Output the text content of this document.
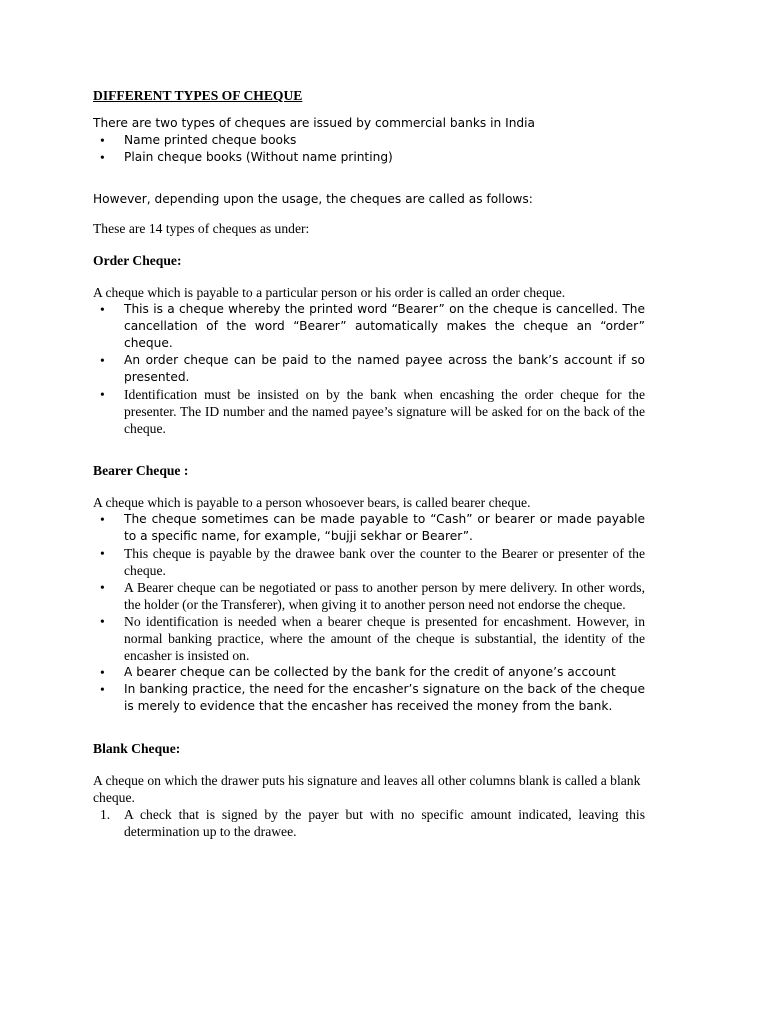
DIFFERENT TYPES OF CHEQUE

There are two types of cheques are issued by commercial banks in India

• Name printed cheque books
• Plain cheque books (Without name printing)

However, depending upon the usage, the cheques are called as follows:

These are 14 types of cheques as under:

Order Cheque:

A cheque which is payable to a particular person or his order is called an order cheque.

• This is a cheque whereby the printed word “Bearer” on the cheque is cancelled. The cancellation of the word “Bearer” automatically makes the cheque an “order” cheque.
• An order cheque can be paid to the named payee across the bank’s account if so presented.
• Identification must be insisted on by the bank when encashing the order cheque for the presenter. The ID number and the named payee’s signature will be asked for on the back of the cheque.

Bearer Cheque :

A cheque which is payable to a person whosoever bears, is called bearer cheque.

• The cheque sometimes can be made payable to “Cash” or bearer or made payable to a specific name, for example, “bujji sekhar or Bearer”.
• This cheque is payable by the drawee bank over the counter to the Bearer or presenter of the cheque.
• A Bearer cheque can be negotiated or pass to another person by mere delivery. In other words, the holder (or the Transferer), when giving it to another person need not endorse the cheque.
• No identification is needed when a bearer cheque is presented for encashment. However, in normal banking practice, where the amount of the cheque is substantial, the identity of the encasher is insisted on.
• A bearer cheque can be collected by the bank for the credit of anyone’s account
• In banking practice, the need for the encasher’s signature on the back of the cheque is merely to evidence that the encasher has received the money from the bank.

Blank Cheque:

A cheque on which the drawer puts his signature and leaves all other columns blank is called a blank cheque.

1. A check that is signed by the payer but with no specific amount indicated, leaving this determination up to the drawee.
